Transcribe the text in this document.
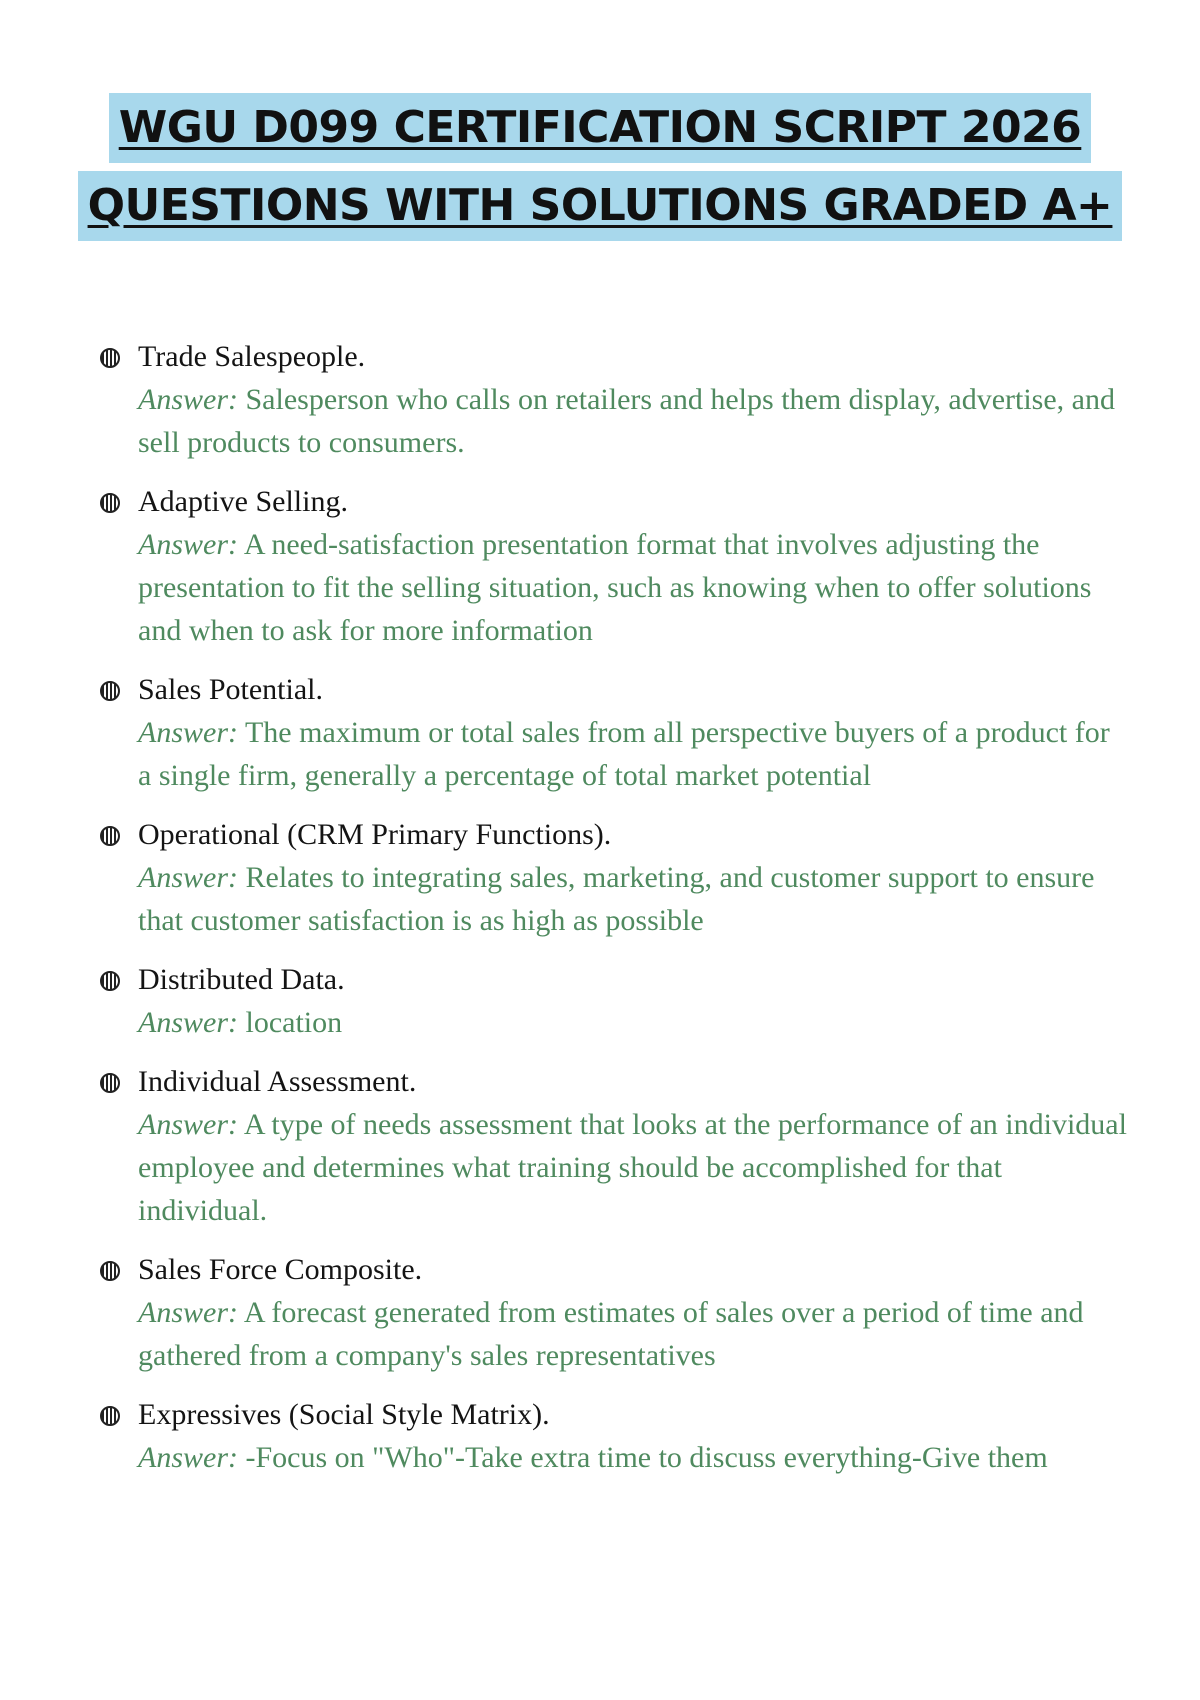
WGU D099 CERTIFICATION SCRIPT 2026
QUESTIONS WITH SOLUTIONS GRADED A+
Trade Salespeople.
Answer: Salesperson who calls on retailers and helps them display, advertise, and sell products to consumers.
Adaptive Selling.
Answer: A need-satisfaction presentation format that involves adjusting the presentation to fit the selling situation, such as knowing when to offer solutions and when to ask for more information
Sales Potential.
Answer: The maximum or total sales from all perspective buyers of a product for a single firm, generally a percentage of total market potential
Operational (CRM Primary Functions).
Answer: Relates to integrating sales, marketing, and customer support to ensure that customer satisfaction is as high as possible
Distributed Data.
Answer: location
Individual Assessment.
Answer: A type of needs assessment that looks at the performance of an individual employee and determines what training should be accomplished for that individual.
Sales Force Composite.
Answer: A forecast generated from estimates of sales over a period of time and gathered from a company's sales representatives
Expressives (Social Style Matrix).
Answer: -Focus on "Who"-Take extra time to discuss everything-Give them
